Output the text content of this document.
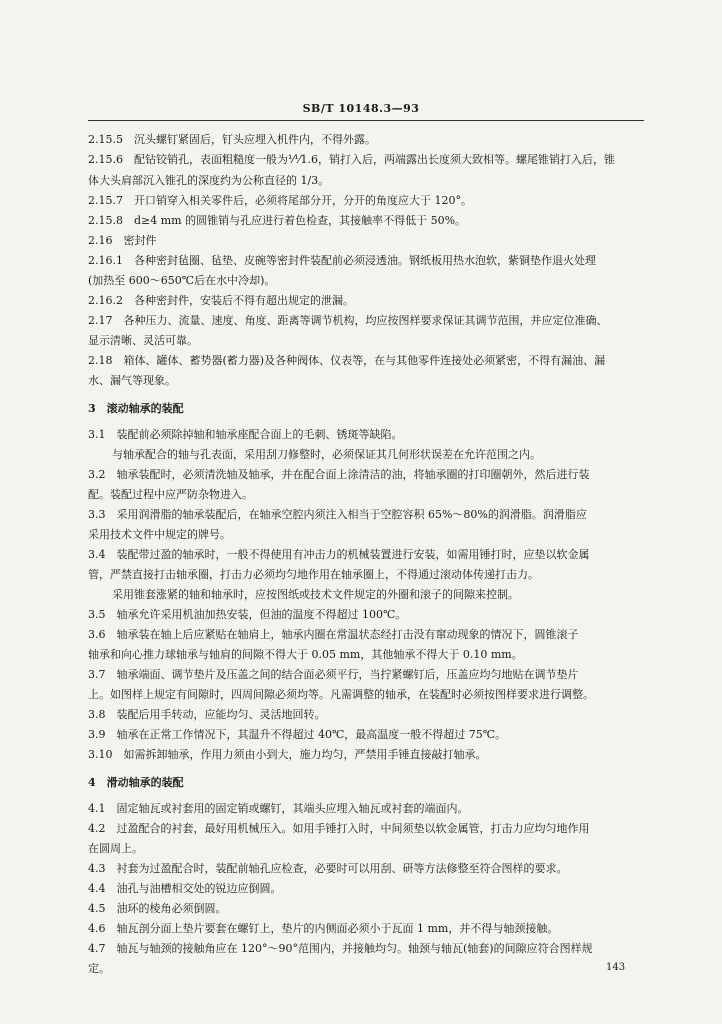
SB/T 10148.3—93
2.15.5　沉头螺钉紧固后，钉头应埋入机件内，不得外露。
2.15.6　配钻铰销孔，表面粗糙度一般为⅟⅟1.6，销打入后，两端露出长度须大致相等。螺尾锥销打入后，锥
体大头肩部沉入锥孔的深度约为公称直径的 1/3。
2.15.7　开口销穿入相关零件后，必须将尾部分开，分开的角度应大于 120°。
2.15.8　d≥4 mm 的圆锥销与孔应进行着色检查，其接触率不得低于 50%。
2.16　密封件
2.16.1　各种密封毡圈、毡垫、皮碗等密封件装配前必须浸透油。钢纸板用热水泡软，紫铜垫作退火处理
(加热至 600～650℃后在水中冷却)。
2.16.2　各种密封件，安装后不得有超出规定的泄漏。
2.17　各种压力、流量、速度、角度、距离等调节机构，均应按图样要求保证其调节范围，并应定位准确、
显示清晰、灵活可靠。
2.18　箱体、罐体、蓄势器(蓄力器)及各种阀体、仪表等，在与其他零件连接处必须紧密，不得有漏油、漏
水、漏气等现象。
3　滚动轴承的装配
3.1　装配前必须除掉轴和轴承座配合面上的毛刺、锈斑等缺陷。
与轴承配合的轴与孔表面，采用刮刀修整时，必须保证其几何形状误差在允许范围之内。
3.2　轴承装配时，必须清洗轴及轴承，并在配合面上涂清洁的油，将轴承圈的打印圈朝外，然后进行装
配。装配过程中应严防杂物进入。
3.3　采用润滑脂的轴承装配后，在轴承空腔内须注入相当于空腔容积 65%～80%的润滑脂。润滑脂应
采用技术文件中规定的牌号。
3.4　装配带过盈的轴承时，一般不得使用有冲击力的机械装置进行安装，如需用锤打时，应垫以软金属
管，严禁直接打击轴承圈，打击力必须均匀地作用在轴承圈上，不得通过滚动体传递打击力。
采用锥套涨紧的轴和轴承时，应按图纸或技术文件规定的外圈和滚子的间隙来控制。
3.5　轴承允许采用机油加热安装，但油的温度不得超过 100℃。
3.6　轴承装在轴上后应紧贴在轴肩上，轴承内圈在常温状态经打击没有窜动现象的情况下，圆锥滚子
轴承和向心推力球轴承与轴肩的间隙不得大于 0.05 mm，其他轴承不得大于 0.10 mm。
3.7　轴承端面、调节垫片及压盖之间的结合面必须平行，当拧紧螺钉后，压盖应均匀地贴在调节垫片
上。如图样上规定有间隙时，四周间隙必须均等。凡需调整的轴承，在装配时必须按图样要求进行调整。
3.8　装配后用手转动，应能均匀、灵活地回转。
3.9　轴承在正常工作情况下，其温升不得超过 40℃，最高温度一般不得超过 75℃。
3.10　如需拆卸轴承，作用力须由小到大，施力均匀，严禁用手锤直接敲打轴承。
4　滑动轴承的装配
4.1　固定轴瓦或衬套用的固定销或螺钉，其端头应埋入轴瓦或衬套的端面内。
4.2　过盈配合的衬套，最好用机械压入。如用手锤打入时，中间须垫以软金属管，打击力应均匀地作用
在圆周上。
4.3　衬套为过盈配合时，装配前轴孔应检查，必要时可以用刮、研等方法修整至符合图样的要求。
4.4　油孔与油槽相交处的锐边应倒圆。
4.5　油环的棱角必须倒圆。
4.6　轴瓦剖分面上垫片要套在螺钉上，垫片的内侧面必须小于瓦面 1 mm，并不得与轴颈接触。
4.7　轴瓦与轴颈的接触角应在 120°～90°范围内，并接触均匀。轴颈与轴瓦(轴套)的间隙应符合图样规
定。	143
